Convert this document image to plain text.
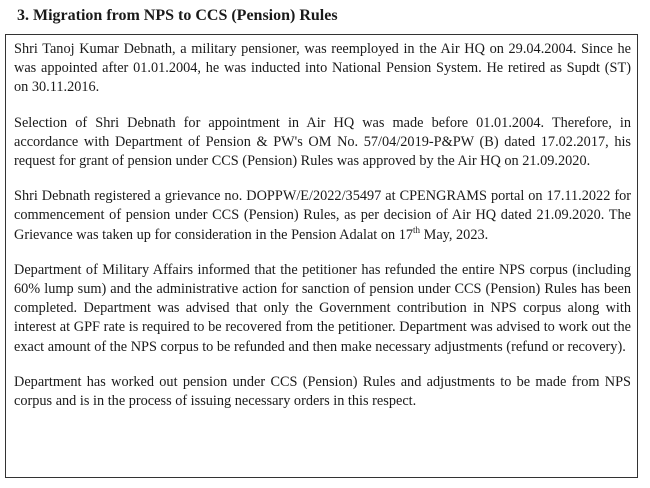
3. Migration from NPS to CCS (Pension) Rules

Shri Tanoj Kumar Debnath, a military pensioner, was reemployed in the Air HQ on 29.04.2004. Since he was appointed after 01.01.2004, he was inducted into National Pension System. He retired as Supdt (ST) on 30.11.2016.

Selection of Shri Debnath for appointment in Air HQ was made before 01.01.2004. Therefore, in accordance with Department of Pension & PW's OM No. 57/04/2019-P&PW (B) dated 17.02.2017, his request for grant of pension under CCS (Pension) Rules was approved by the Air HQ on 21.09.2020.

Shri Debnath registered a grievance no. DOPPW/E/2022/35497 at CPENGRAMS portal on 17.11.2022 for commencement of pension under CCS (Pension) Rules, as per decision of Air HQ dated 21.09.2020. The Grievance was taken up for consideration in the Pension Adalat on 17th May, 2023.

Department of Military Affairs informed that the petitioner has refunded the entire NPS corpus (including 60% lump sum) and the administrative action for sanction of pension under CCS (Pension) Rules has been completed. Department was advised that only the Government contribution in NPS corpus along with interest at GPF rate is required to be recovered from the petitioner. Department was advised to work out the exact amount of the NPS corpus to be refunded and then make necessary adjustments (refund or recovery).

Department has worked out pension under CCS (Pension) Rules and adjustments to be made from NPS corpus and is in the process of issuing necessary orders in this respect.
